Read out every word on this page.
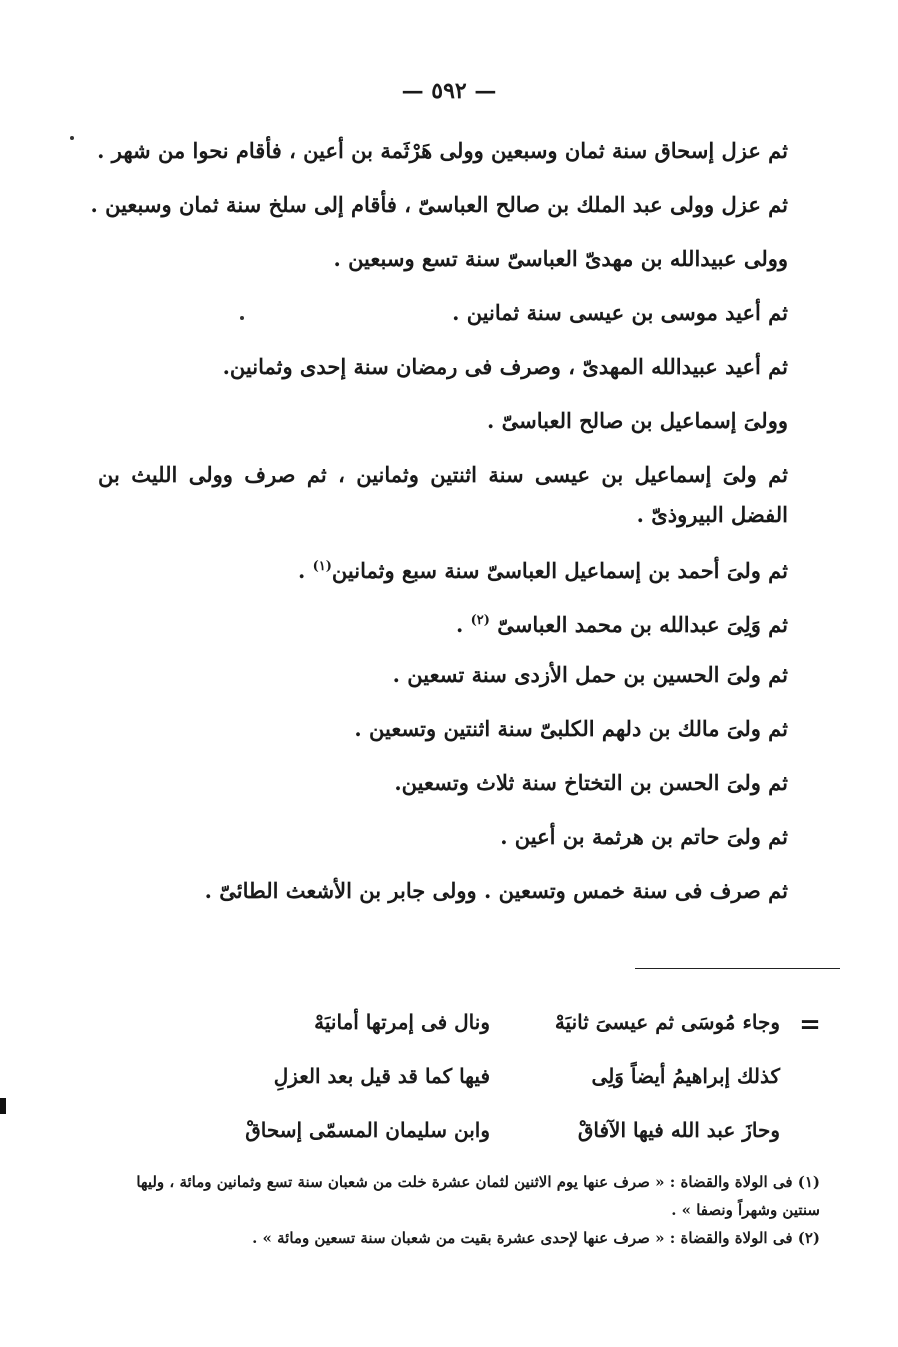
— ٥٩٢ —
ثم عزل إسحاق سنة ثمان وسبعين وولى هَرْثَمة بن أعين ، فأقام نحوا من شهر .
ثم عزل وولى عبد الملك بن صالح العباسىّ ، فأقام إلى سلخ سنة ثمان وسبعين .
وولى عبيدالله بن مهدىّ العباسىّ سنة تسع وسبعين .
ثم أعيد موسى بن عيسى سنة ثمانين .
ثم أعيد عبيدالله المهدىّ ، وصرف فى رمضان سنة إحدى وثمانين.
وولىَ إسماعيل بن صالح العباسىّ .
ثم ولىَ إسماعيل بن عيسى سنة اثنتين وثمانين ، ثم صرف وولى الليث بن
الفضل البيروذىّ .
ثم ولىَ أحمد بن إسماعيل العباسىّ سنة سبع وثمانين$^{(١)}$ .
ثم وَلِىَ عبدالله بن محمد العباسىّ $^{(٢)}$ .
ثم ولىَ الحسين بن حمل الأزدى سنة تسعين .
ثم ولىَ مالك بن دلهم الكلبىّ سنة اثنتين وتسعين .
ثم ولىَ الحسن بن التختاخ سنة ثلاث وتسعين.
ثم ولىَ حاتم بن هرثمة بن أعين .
ثم صرف فى سنة خمس وتسعين . وولى جابر بن الأشعث الطائىّ .
=
وجاء مُوسَى ثم عيسىَ ثانيَهْ
ونال فى إمرتها أمانيَهْ
كذلك إبراهيمُ أيضاً وَلِى
فيها كما قد قيل بعد العزلِ
وحازَ عبد الله فيها الآفاقْ
وابن سليمان المسمّى إسحاقْ

(١) فى الولاة والقضاة : « صرف عنها يوم الاثنين لثمان عشرة خلت من شعبان سنة تسع وثمانين ومائة ، وليها سنتين وشهراً ونصفا » .

(٢) فى الولاة والقضاة : « صرف عنها لإحدى عشرة بقيت من شعبان سنة تسعين ومائة » .
